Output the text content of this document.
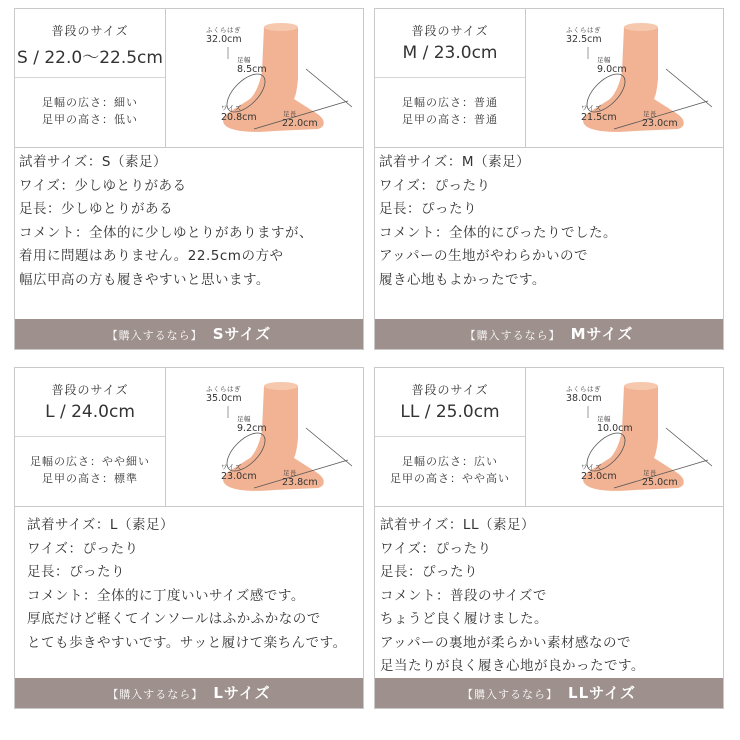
普段のサイズ
S / 22.0〜22.5cm
足幅の広さ：細い
足甲の高さ：低い
ふくらはぎ
32.0cm
足幅
8.5cm
ワイズ
20.8cm	足長
22.0cm
試着サイズ：S（素足）
ワイズ：少しゆとりがある
足長：少しゆとりがある
コメント：全体的に少しゆとりがありますが、
着用に問題はありません。22.5cmの方や
幅広甲高の方も履きやすいと思います。
【購入するなら】 Sサイズ
普段のサイズ
M / 23.0cm
足幅の広さ：普通
足甲の高さ：普通
ふくらはぎ
32.5cm
足幅
9.0cm
ワイズ
21.5cm	足長
23.0cm
試着サイズ：M（素足）
ワイズ：ぴったり
足長：ぴったり
コメント：全体的にぴったりでした。
アッパーの生地がやわらかいので
履き心地もよかったです。
【購入するなら】 Mサイズ
普段のサイズ
L / 24.0cm
足幅の広さ：やや細い
足甲の高さ：標準
ふくらはぎ
35.0cm
足幅
9.2cm
ワイズ
23.0cm	足長
23.8cm
試着サイズ：L（素足）
ワイズ：ぴったり
足長：ぴったり
コメント：全体的に丁度いいサイズ感です。
厚底だけど軽くてインソールはふかふかなので
とても歩きやすいです。サッと履けて楽ちんです。
【購入するなら】 Lサイズ
普段のサイズ
LL / 25.0cm
足幅の広さ：広い
足甲の高さ：やや高い
ふくらはぎ
38.0cm
足幅
10.0cm
ワイズ
23.0cm	足長
25.0cm
試着サイズ：LL（素足）
ワイズ：ぴったり
足長：ぴったり
コメント：普段のサイズで
ちょうど良く履けました。
アッパーの裏地が柔らかい素材感なので
足当たりが良く履き心地が良かったです。
【購入するなら】 LLサイズ
